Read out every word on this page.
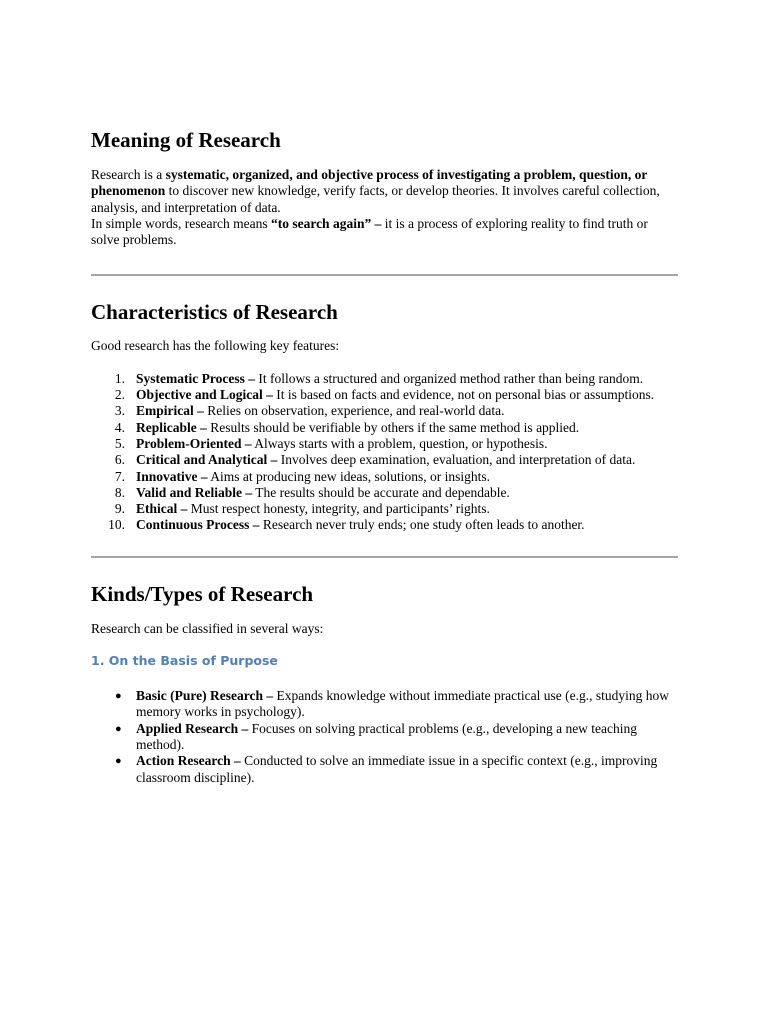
Meaning of Research

Research is a systematic, organized, and objective process of investigating a problem, question, or phenomenon to discover new knowledge, verify facts, or develop theories. It involves careful collection, analysis, and interpretation of data.

In simple words, research means “to search again” – it is a process of exploring reality to find truth or solve problems.

Characteristics of Research

Good research has the following key features:

1. Systematic Process – It follows a structured and organized method rather than being random.
2. Objective and Logical – It is based on facts and evidence, not on personal bias or assumptions.
3. Empirical – Relies on observation, experience, and real-world data.
4. Replicable – Results should be verifiable by others if the same method is applied.
5. Problem-Oriented – Always starts with a problem, question, or hypothesis.
6. Critical and Analytical – Involves deep examination, evaluation, and interpretation of data.
7. Innovative – Aims at producing new ideas, solutions, or insights.
8. Valid and Reliable – The results should be accurate and dependable.
9. Ethical – Must respect honesty, integrity, and participants’ rights.
10. Continuous Process – Research never truly ends; one study often leads to another.
Kinds/Types of Research

Research can be classified in several ways:

1. On the Basis of Purpose

● Basic (Pure) Research – Expands knowledge without immediate practical use (e.g., studying how memory works in psychology).
● Applied Research – Focuses on solving practical problems (e.g., developing a new teaching method).
● Action Research – Conducted to solve an immediate issue in a specific context (e.g., improving classroom discipline).
